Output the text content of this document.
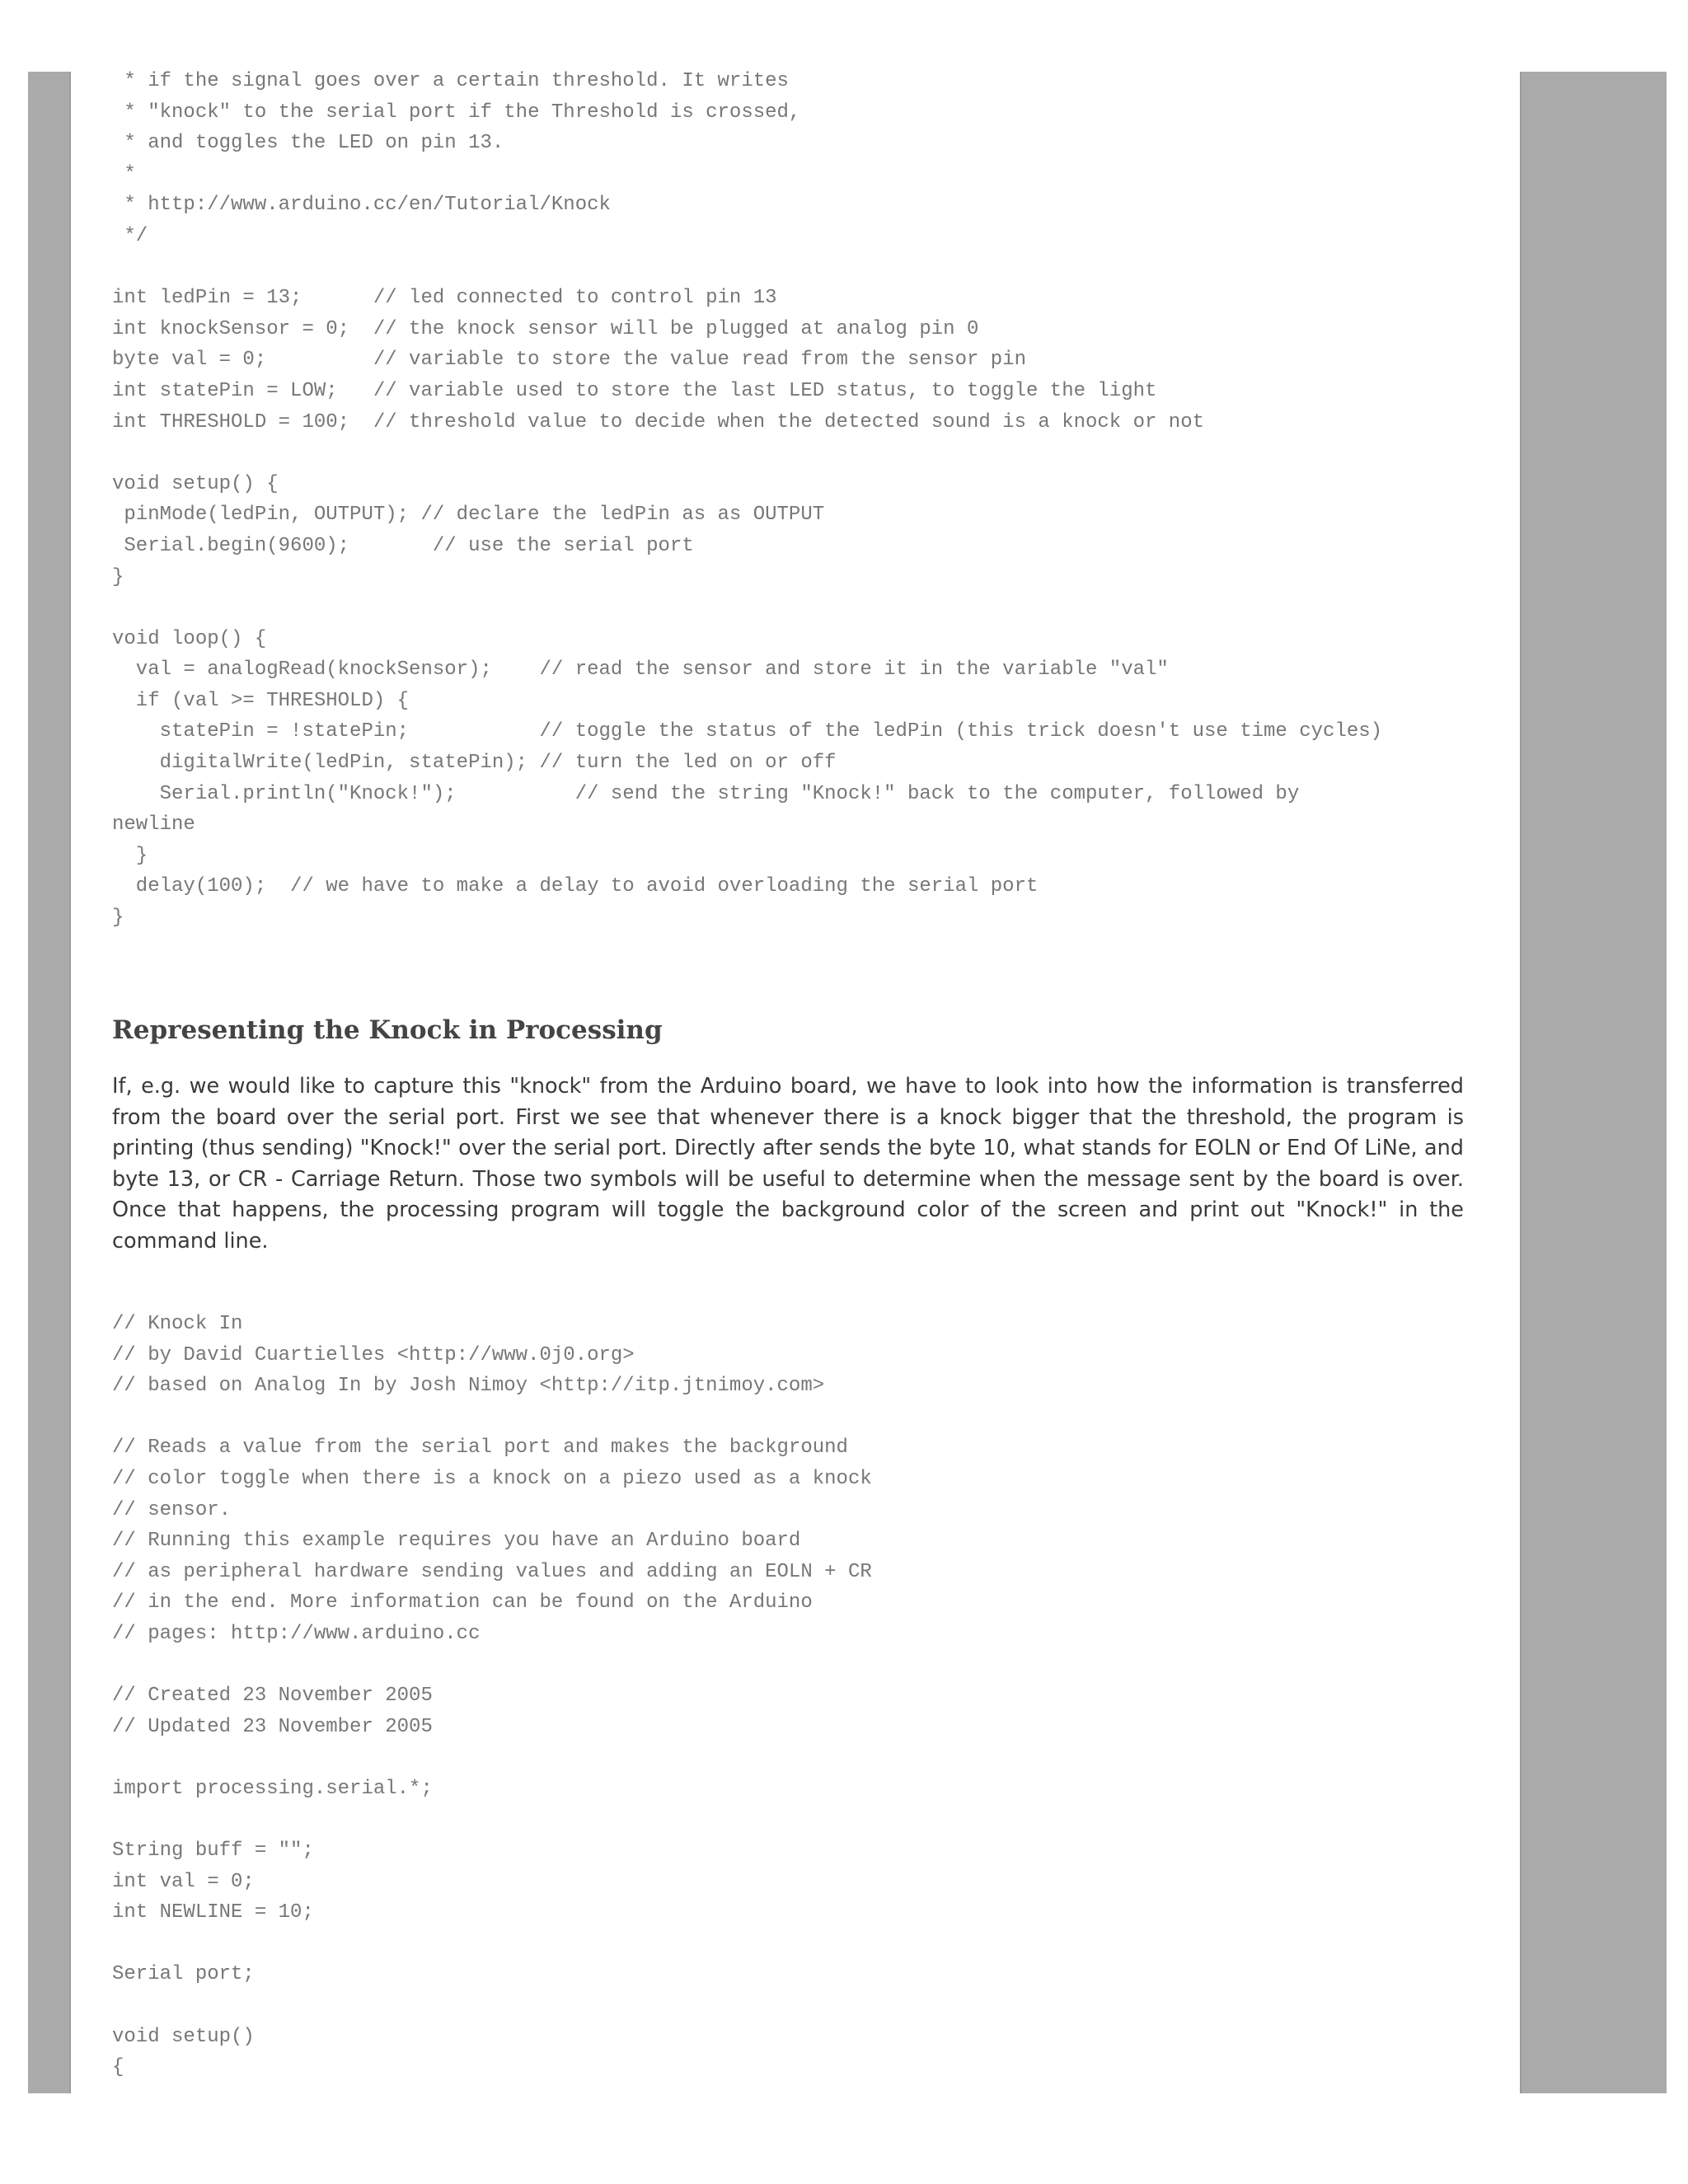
* if the signal goes over a certain threshold. It writes
* "knock" to the serial port if the Threshold is crossed,
* and toggles the LED on pin 13.
*
* http://www.arduino.cc/en/Tutorial/Knock
*/

int ledPin = 13;      // led connected to control pin 13
int knockSensor = 0;  // the knock sensor will be plugged at analog pin 0
byte val = 0;         // variable to store the value read from the sensor pin
int statePin = LOW;   // variable used to store the last LED status, to toggle the light
int THRESHOLD = 100;  // threshold value to decide when the detected sound is a knock or not

void setup() {
pinMode(ledPin, OUTPUT); // declare the ledPin as as OUTPUT
Serial.begin(9600);       // use the serial port
}

void loop() {
val = analogRead(knockSensor);    // read the sensor and store it in the variable "val"
if (val >= THRESHOLD) {
statePin = !statePin;           // toggle the status of the ledPin (this trick doesn't use time cycles)
digitalWrite(ledPin, statePin); // turn the led on or off
Serial.println("Knock!");          // send the string "Knock!" back to the computer, followed by
newline
}
delay(100);  // we have to make a delay to avoid overloading the serial port
}
Representing the Knock in Processing

If, e.g. we would like to capture this "knock" from the Arduino board, we have to look into how the information is transferred from the board over the serial port. First we see that whenever there is a knock bigger that the threshold, the program is printing (thus sending) "Knock!" over the serial port. Directly after sends the byte 10, what stands for EOLN or End Of LiNe, and byte 13, or CR - Carriage Return. Those two symbols will be useful to determine when the message sent by the board is over. Once that happens, the processing program will toggle the background color of the screen and print out "Knock!" in the command line.

// Knock In
// by David Cuartielles <http://www.0j0.org>
// based on Analog In by Josh Nimoy <http://itp.jtnimoy.com>

// Reads a value from the serial port and makes the background
// color toggle when there is a knock on a piezo used as a knock
// sensor.
// Running this example requires you have an Arduino board
// as peripheral hardware sending values and adding an EOLN + CR
// in the end. More information can be found on the Arduino
// pages: http://www.arduino.cc

// Created 23 November 2005
// Updated 23 November 2005

import processing.serial.*;

String buff = "";
int val = 0;
int NEWLINE = 10;

Serial port;

void setup()
{
